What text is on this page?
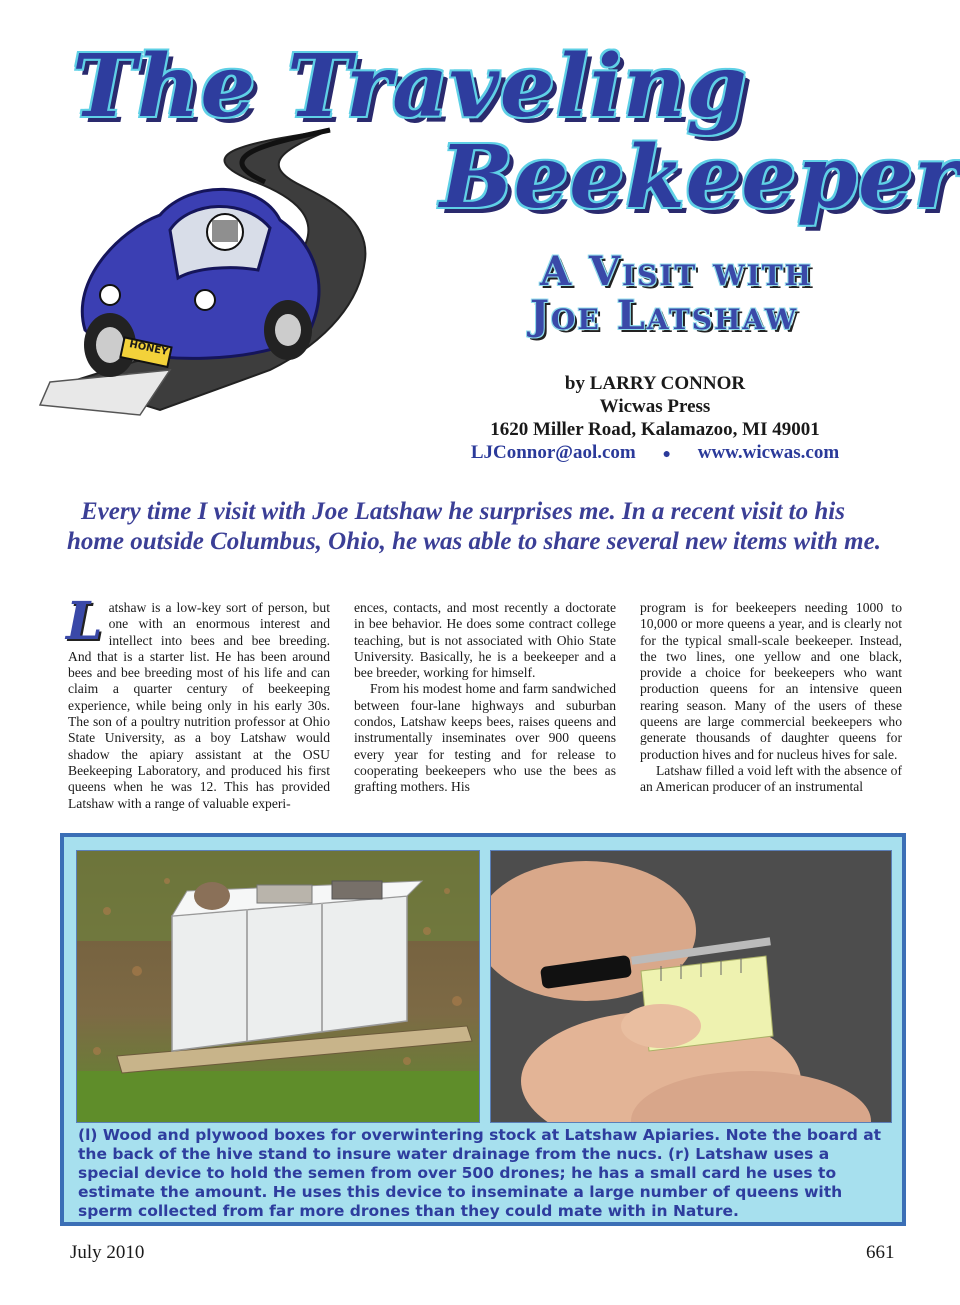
HONEY
The Traveling
Beekeeper
A Visit with
Joe Latshaw
by LARRY CONNOR
Wicwas Press
1620 Miller Road, Kalamazoo, MI 49001
LJConnor@aol.com ● www.wicwas.com
Every time I visit with Joe Latshaw he surprises me. In a recent visit to his home outside Columbus, Ohio, he was able to share several new items with me.
L atshaw is a low-key sort of person, but one with an enormous interest and intellect into bees and bee breeding. And that is a starter list. He has been around bees and bee breeding most of his life and can claim a quarter century of beekeeping experience, while being only in his early 30s. The son of a poultry nutrition professor at Ohio State University, as a boy Latshaw would shadow the apiary assistant at the OSU Beekeeping Laboratory, and produced his first queens when he was 12. This has provided Latshaw with a range of valuable experi-

ences, contacts, and most recently a doctorate in bee behavior. He does some contract college teaching, but is not associated with Ohio State University. Basically, he is a beekeeper and a bee breeder, working for himself.

From his modest home and farm sandwiched between four-lane highways and suburban condos, Latshaw keeps bees, raises queens and instrumentally inseminates over 900 queens every year for testing and for release to cooperating beekeepers who use the bees as grafting mothers. His

program is for beekeepers needing 1000 to 10,000 or more queens a year, and is clearly not for the typical small-scale beekeeper. Instead, the two lines, one yellow and one black, provide a choice for beekeepers who want production queens for an intensive queen rearing season. Many of the users of these queens are large commercial beekeepers who generate thousands of daughter queens for production hives and for nucleus hives for sale.

Latshaw filled a void left with the absence of an American producer of an instrumental

(l) Wood and plywood boxes for overwintering stock at Latshaw Apiaries. Note the board at the back of the hive stand to insure water drainage from the nucs. (r) Latshaw uses a special device to hold the semen from over 500 drones; he has a small card he uses to estimate the amount. He uses this device to inseminate a large number of queens with sperm collected from far more drones than they could mate with in Nature.
July 2010	661
